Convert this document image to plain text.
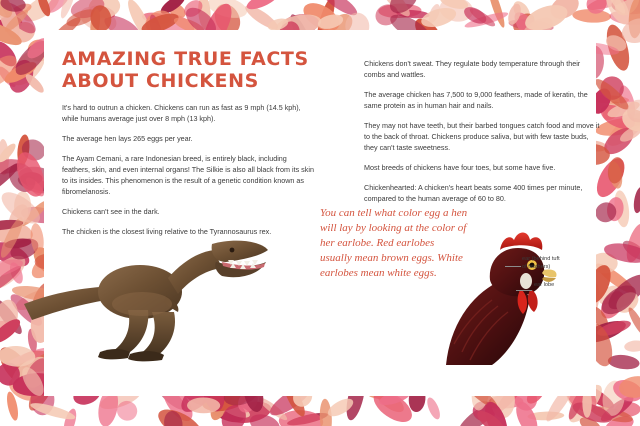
AMAZING TRUE FACTS
ABOUT CHICKENS

It's hard to outrun a chicken. Chickens can run as fast as 9 mph (14.5 kph), while humans average just over 8 mph (13 kph).

The average hen lays 265 eggs per year.

The Ayam Cemani, a rare Indonesian breed, is entirely black, including feathers, skin, and even internal organs! The Silkie is also all black from its skin to its insides. This phenomenon is the result of a genetic condition known as fibromelanosis.

Chickens can't see in the dark.

The chicken is the closest living relative to the Tyrannosaurus rex.

Chickens don't sweat. They regulate body temperature through their combs and wattles.

The average chicken has 7,500 to 9,000 feathers, made of keratin, the same protein as in human hair and nails.

They may not have teeth, but their barbed tongues catch food and move it to the back of throat. Chickens produce saliva, but with few taste buds, they can't taste sweetness.

Most breeds of chickens have four toes, but some have five.

Chickenhearted: A chicken's heart beats some 400 times per minute, compared to the human average of 60 to 80.

You can tell what color egg a hen will lay by looking at the color of her earlobe. Red earlobes usually mean brown eggs. White earlobes mean white eggs.
ear (behind tuft of feathers)
ear lobe
